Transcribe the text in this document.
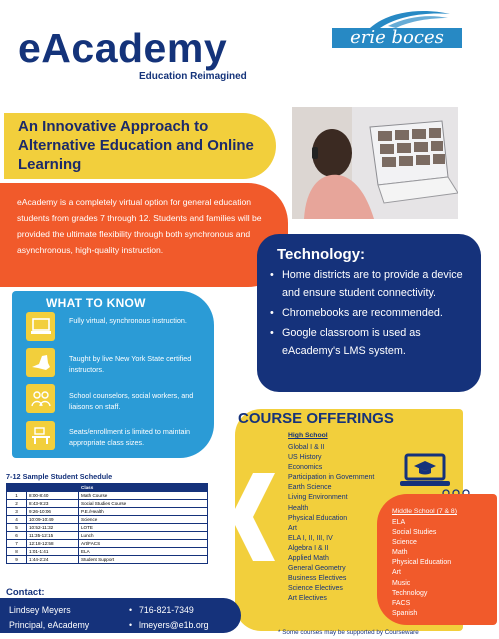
eAcademy
Education Reimagined
erie boces
An Innovative Approach to Alternative Education and Online Learning
eAcademy is a completely virtual option for general education students from grades 7 through 12. Students and families will be provided the ultimate flexibility through both synchronous and asynchronous, high-quality instruction.	Technology:
• Home districts are to provide a device and ensure student connectivity.
• Chromebooks are recommended.
• Google classroom is used as eAcademy's LMS system.
WHAT TO KNOW
Fully virtual, synchronous instruction.
Taught by live New York State certified instructors.
School counselors, social workers, and liaisons on staff.
Seats/enrollment is limited to maintain appropriate class sizes.
COURSE OFFERINGS
High School
Global I & II
US History
Economics
Participation in Government
Earth Science
Living Environment
Health
Physical Education
Art
ELA I, II, III, IV
Algebra I & II
Applied Math
General Geometry
Business Electives
Science Electives
Art Electives
Middle School (7 & 8)
ELA
Social Studies
Science
Math
Physical Education
Art
Music
Technology
FACS
Spanish
7-12 Sample Student Schedule
		Class
1	8:00-8:40	Math Course
2	8:43-9:23	Social Studies Course
3	9:26-10:06	P.E./Health
4	10:09-10:49	Science
5	10:52-11:32	LOTE
6	11:35-12:15	Lunch
7	12:18-12:58	Art/FACS
8	1:01-1:41	ELA
9	1:44-2:24	Student Support
Contact:
Lindsey Meyers
Principal, eAcademy
• 716-821-7349
• lmeyers@e1b.org
* Some courses may be supported by Courseware
